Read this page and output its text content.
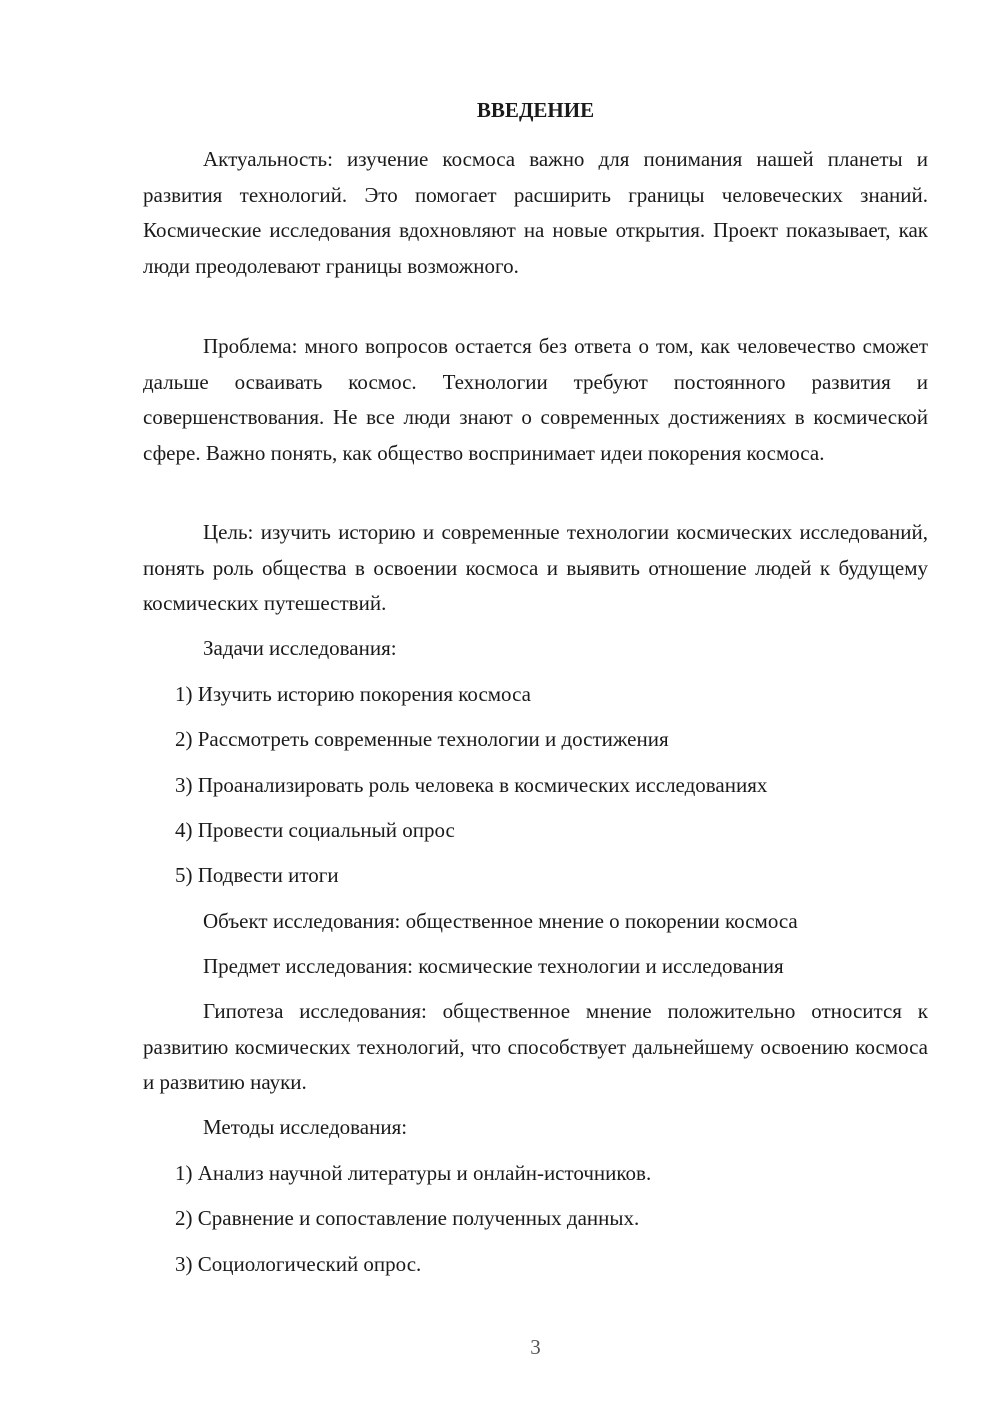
ВВЕДЕНИЕ

Актуальность: изучение космоса важно для понимания нашей планеты и развития технологий. Это помогает расширить границы человеческих знаний. Космические исследования вдохновляют на новые открытия. Проект показывает, как люди преодолевают границы возможного.

Проблема: много вопросов остается без ответа о том, как человечество сможет дальше осваивать космос. Технологии требуют постоянного развития и совершенствования. Не все люди знают о современных достижениях в космической сфере. Важно понять, как общество воспринимает идеи покорения космоса.

Цель: изучить историю и современные технологии космических исследований, понять роль общества в освоении космоса и выявить отношение людей к будущему космических путешествий.

Задачи исследования:

1) Изучить историю покорения космоса

2) Рассмотреть современные технологии и достижения

3) Проанализировать роль человека в космических исследованиях

4) Провести социальный опрос

5) Подвести итоги

Объект исследования: общественное мнение о покорении космоса

Предмет исследования: космические технологии и исследования

Гипотеза исследования: общественное мнение положительно относится к развитию космических технологий, что способствует дальнейшему освоению космоса и развитию науки.

Методы исследования:

1) Анализ научной литературы и онлайн-источников.

2) Сравнение и сопоставление полученных данных.

3) Социологический опрос.

3
